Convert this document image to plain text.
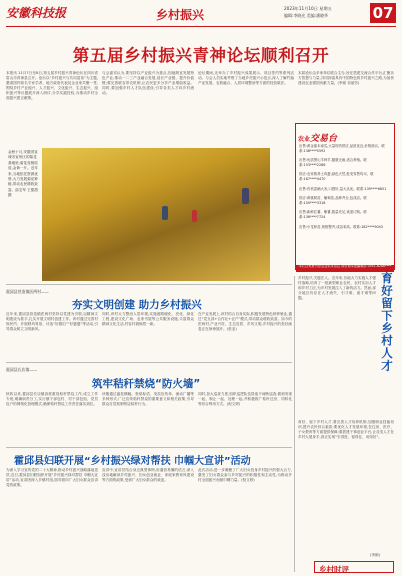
安徽科技报	乡村振兴	2023年11月10日 星期五
编辑:李晓光 美编:潘晓华	07
第五届乡村振兴青神论坛顺利召开
本报讯 11月7日至8日,第五届乡村振兴青神论坛在四川省眉山市青神县召开。论坛以“乡村振兴与共同富裕”为主题,邀请国内知名专家学者、地方政府代表及企业家共聚一堂,围绕乡村产业振兴、人才振兴、文化振兴、生态振兴、组织振兴等议题展开深入研讨,分享实践经验,为推动乡村全面振兴建言献策。
与会嘉宾认为,要坚持以产业振兴为重点,因地制宜发展特色产业,推动一二三产业融合发展,延长产业链、提升价值链;要完善联农带农机制,让农民更多分享产业增值收益。同时,要加强乡村人才队伍建设,引导各类人才向乡村流动。
论坛期间,还举办了乡村振兴成果展示、项目签约等系列活动。与会人员实地考察了当地乡村振兴示范点,深入了解竹编产业发展、农旅融合、人居环境整治等方面的经验做法。
本届论坛由多家单位联合主办,旨在搭建交流合作平台,汇聚各方智慧与力量,共同探索具有中国特色的乡村振兴之路,为加快建设农业强国贡献力量。(李豪 祁丽芳)
金秋十月,安徽省宣城市宣州区的菊花基地里,菊花竞相绽放,金黄一片。近年来,当地依托资源优势,大力发展菊花种植,带动农民增收致富。邵宝军 王甜甜 摄
农业交易台
出售:黄金蜜本南瓜,大量现货供应,品质优良,价格面议。联系:138****5592
出售:优质黑山羊种羊,健康无病,适合养殖。联系:153****2286
供应:农家散养土鸡蛋,绿色天然,批发零售均可。联系:187****4470
出售:有机富硒大米,口感好,量大从优。联系:139****6651
供应:黄桃树苗、葡萄苗,品种齐全,包成活。联系:150****3318
出售:新鲜红薯、紫薯,数量充足,欢迎订购。联系:136****7724
出售:小龙虾苗,规格整齐,成活率高。联系:182****9043
本栏目免费刊登农业供求信息 请咨询本报编辑部 0551-6286****
霍邱县营造镇医两村——
夯实文明创建 助力乡村振兴
近年来,霍邱县营造镇医两村坚持以党建为引领,以精神文明建设为抓手,扎实开展文明村创建工作。该村通过完善村规民约、开展移风易俗、评选“好媳妇”“好婆婆”等活动,引导群众树立文明新风。
同时,该村大力整治人居环境,实施道路硬化、亮化、绿化工程,建设文化广场、农家书屋等公共服务设施,丰富群众精神文化生活,村容村貌焕然一新。
在产业发展上,该村结合自身实际,积极发展特色种养殖业,通过“党支部+合作社+农户”模式,带动群众增收致富。如今的医两村,产业兴旺、生态宜居、乡风文明,乡村振兴的美好画卷正在徐徐展开。(张亚)
霍邱县长店镇——
筑牢秸秆禁烧“防火墙”
秋收以来,霍邱县长店镇高度重视秸秆禁烧工作,成立工作专班,明确职责分工,实行镇干部包村、村干部包组、党员包户的网格化管理模式,确保秸秆禁烧工作责任落实到位。
该镇通过悬挂横幅、张贴标语、发放宣传单、流动广播等多种形式,广泛宣传秸秆禁烧的重要意义和相关政策,引导群众自觉抵制焚烧秸秆行为。
同时,加大巡查力度,组织巡逻队伍昼夜不间断巡查,做到发现一起、制止一起、处理一起,并积极推广秸秆还田、饲料化等综合利用方式。(倪文婷)
霍邱县妇联开展“乡村振兴绿对帮扶 巾帼大宣讲”活动
为深入学习宣传党的二十大精神,推动乡村振兴战略落地见效,近日,霍邱县妇联组织开展“乡村振兴绿对帮扶 巾帼大宣讲”活动,宣讲团深入乡镇村组,面对面向广大妇女群众宣讲党的政策。
宣讲中,宣讲员结合身边典型事例,用通俗易懂的语言,深入浅出地解读乡村振兴、妇女创业就业、家庭家教家风建设等方面的政策,受到广大妇女群众的欢迎。
此次活动,进一步凝聚了广大妇女投身乡村振兴的强大合力,激发了妇女群众参与乡村振兴的积极性和主动性,为推动乡村全面振兴贡献巾帼力量。(倪文婷)
乡村振兴,关键在人。近年来,各地大力实施人才强村战略,培育了一批新型职业农民、农村实用人才和乡村工匠,为乡村发展注入了新的活力。然而,部分地区仍存在人才流失、引才难、留才难等问题。	育好留下乡村人才
育好、留下乡村人才,要完善人才培养机制,加强职业技能培训,提升农民综合素质;要优化人才发展环境,在住房、医疗、子女教育等方面提供保障;要搭建干事创业平台,让各类人才在乡村大展身手,真正实现“引得进、留得住、用得好”。
(李颖)
乡村时评
